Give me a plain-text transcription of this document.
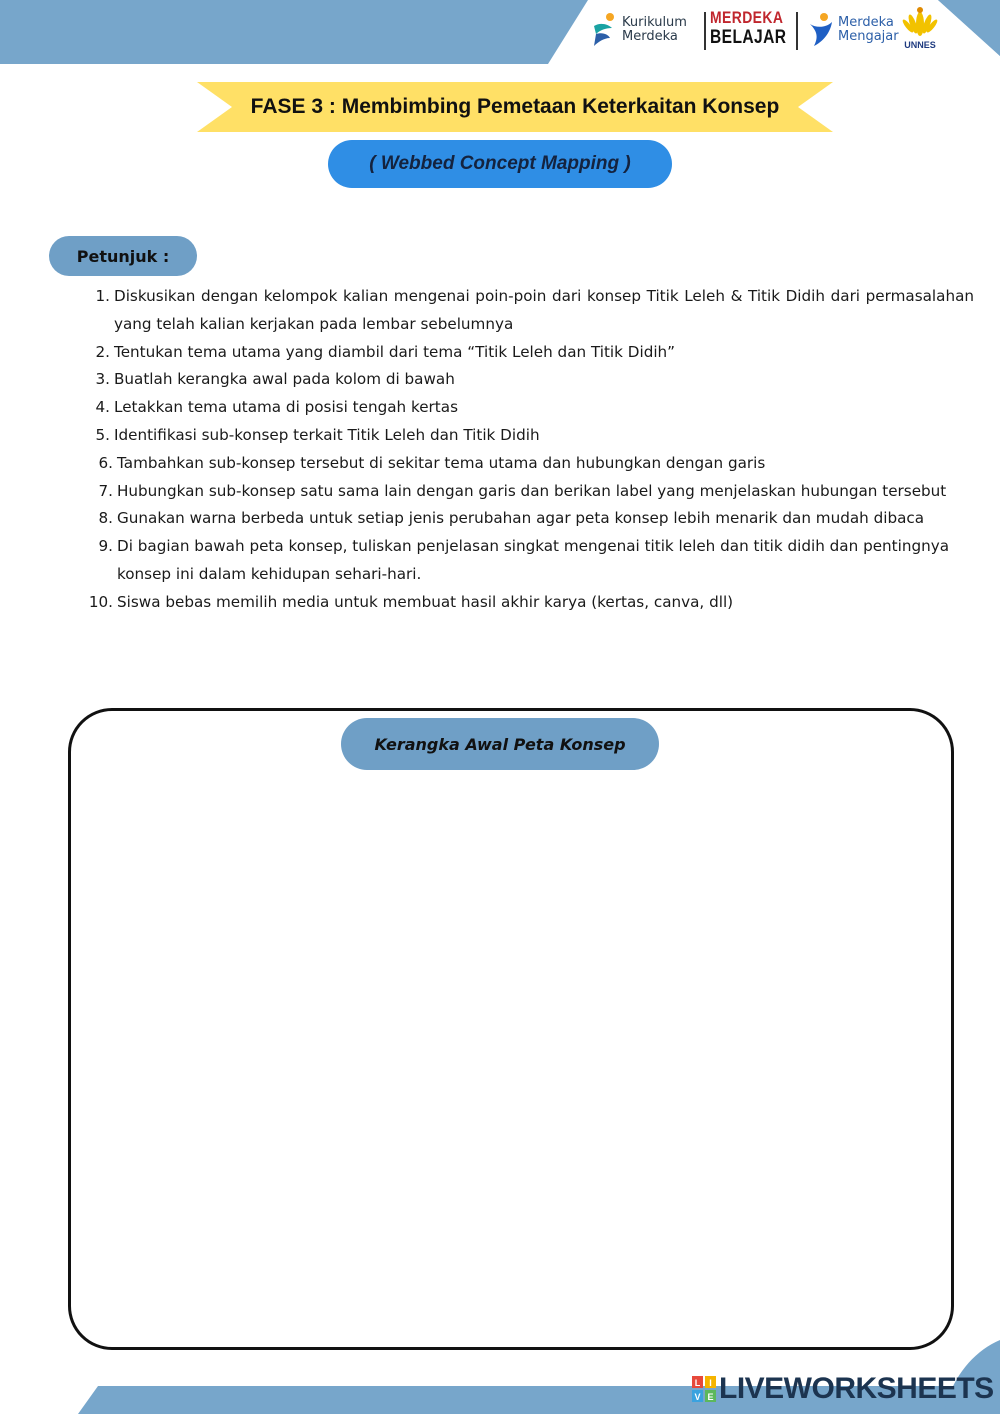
Kurikulum
Merdeka
MERDEKA
BELAJAR
Merdeka
Mengajar
UNNES
FASE 3 : Membimbing Pemetaan Keterkaitan Konsep
( Webbed Concept Mapping )
Petunjuk :
1. Diskusikan dengan kelompok kalian mengenai poin-poin dari konsep Titik Leleh & Titik Didih dari permasalahan yang telah kalian kerjakan pada lembar sebelumnya
2. Tentukan tema utama yang diambil dari tema “Titik Leleh dan Titik Didih”
3. Buatlah kerangka awal pada kolom di bawah
4. Letakkan tema utama di posisi tengah kertas
5. Identifikasi sub-konsep terkait Titik Leleh dan Titik Didih
6. Tambahkan sub-konsep tersebut di sekitar tema utama dan hubungkan dengan garis
7. Hubungkan sub-konsep satu sama lain dengan garis dan berikan label yang menjelaskan hubungan tersebut
8. Gunakan warna berbeda untuk setiap jenis perubahan agar peta konsep lebih menarik dan mudah dibaca
9. Di bagian bawah peta konsep, tuliskan penjelasan singkat mengenai titik leleh dan titik didih dan pentingnya konsep ini dalam kehidupan sehari-hari.
10. Siswa bebas memilih media untuk membuat hasil akhir karya (kertas, canva, dll)
Kerangka Awal Peta Konsep
L I
V E LIVEWORKSHEETS
